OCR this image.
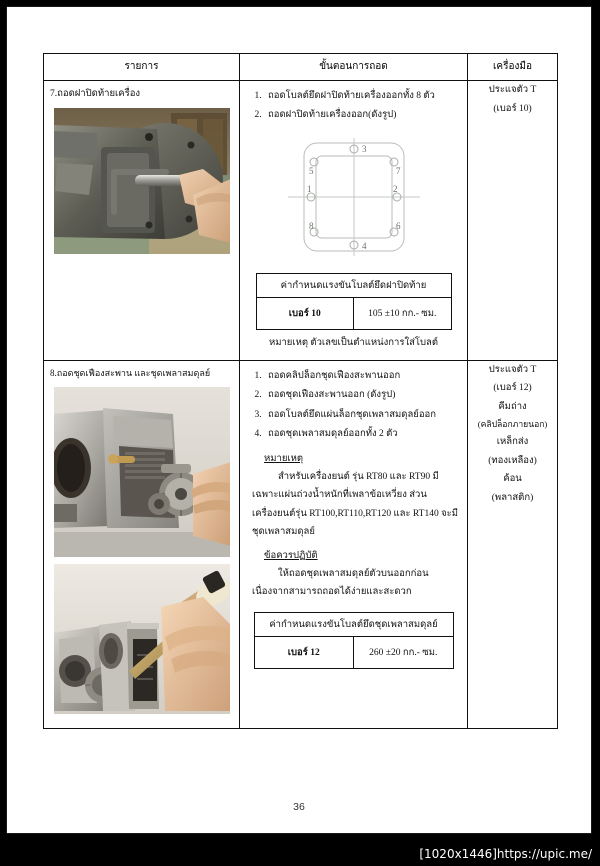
รายการ	ขั้นตอนการถอด	เครื่องมือ

7.ถอดฝาปิดท้ายเครื่อง

1.ถอดโบลต์ยึดฝาปิดท้ายเครื่องออกทั้ง 8 ตัว
2. ถอดฝาปิดท้ายเครื่องออก(ดังรูป)
3
4
1	2
5	7
8	6
ค่ากำหนดแรงขันโบลต์ยึดฝาปิดท้าย
เบอร์ 10	105 ±10 กก.- ซม.
หมายเหตุ ตัวเลขเป็นตำแหน่งการใส่โบลต์

ประแจตัว T
(เบอร์ 10)

8.ถอดชุดเฟืองสะพาน และชุดเพลาสมดุลย์

1.ถอดคลิปล็อกชุดเฟืองสะพานออก
2. ถอดชุดเฟืองสะพานออก (ดังรูป)
3. ถอดโบลต์ยึดแผ่นล็อกชุดเพลาสมดุลย์ออก
4. ถอดชุดเพลาสมดุลย์ออกทั้ง 2 ตัว
หมายเหตุ
สำหรับเครื่องยนต์ รุ่น RT80 และ RT90 มีเฉพาะแผ่นถ่วงน้ำหนักที่เพลาข้อเหวี่ยง ส่วนเครื่องยนต์รุ่น RT100,RT110,RT120 และ RT140 จะมีชุดเพลาสมดุลย์
ข้อควรปฏิบัติ
ให้ถอดชุดเพลาสมดุลย์ตัวบนออกก่อน เนื่องจากสามารถถอดได้ง่ายและสะดวก
ค่ากำหนดแรงขันโบลต์ยึดชุดเพลาสมดุลย์
เบอร์ 12	260 ±20 กก.- ซม.

ประแจตัว T
(เบอร์ 12)
คีมถ่าง
(คลิปล็อกภายนอก)
เหล็กส่ง
(ทองเหลือง)
ค้อน
(พลาสติก)
36
[1020x1446]https://upic.me/
